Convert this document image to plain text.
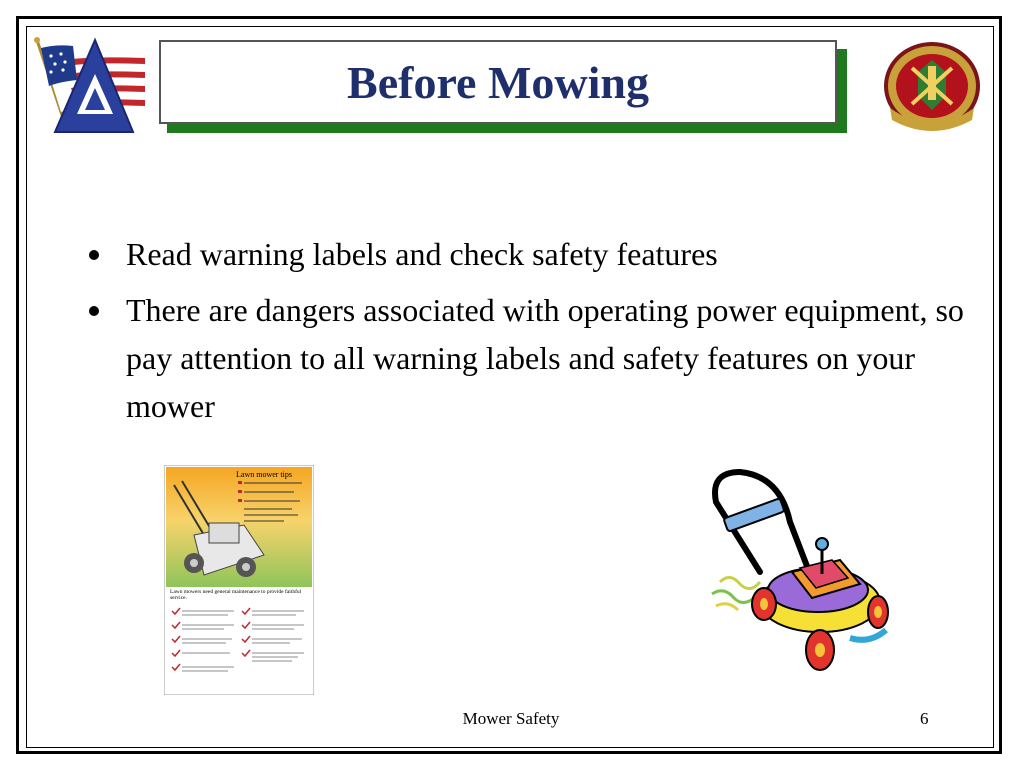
Before Mowing
Read warning labels and check safety features
There are dangers associated with operating power equipment, so pay attention to all warning labels and safety features on your mower
Lawn mower tips
Lawn mowers need general maintenance to provide faithful service.
Mower Safety	6
